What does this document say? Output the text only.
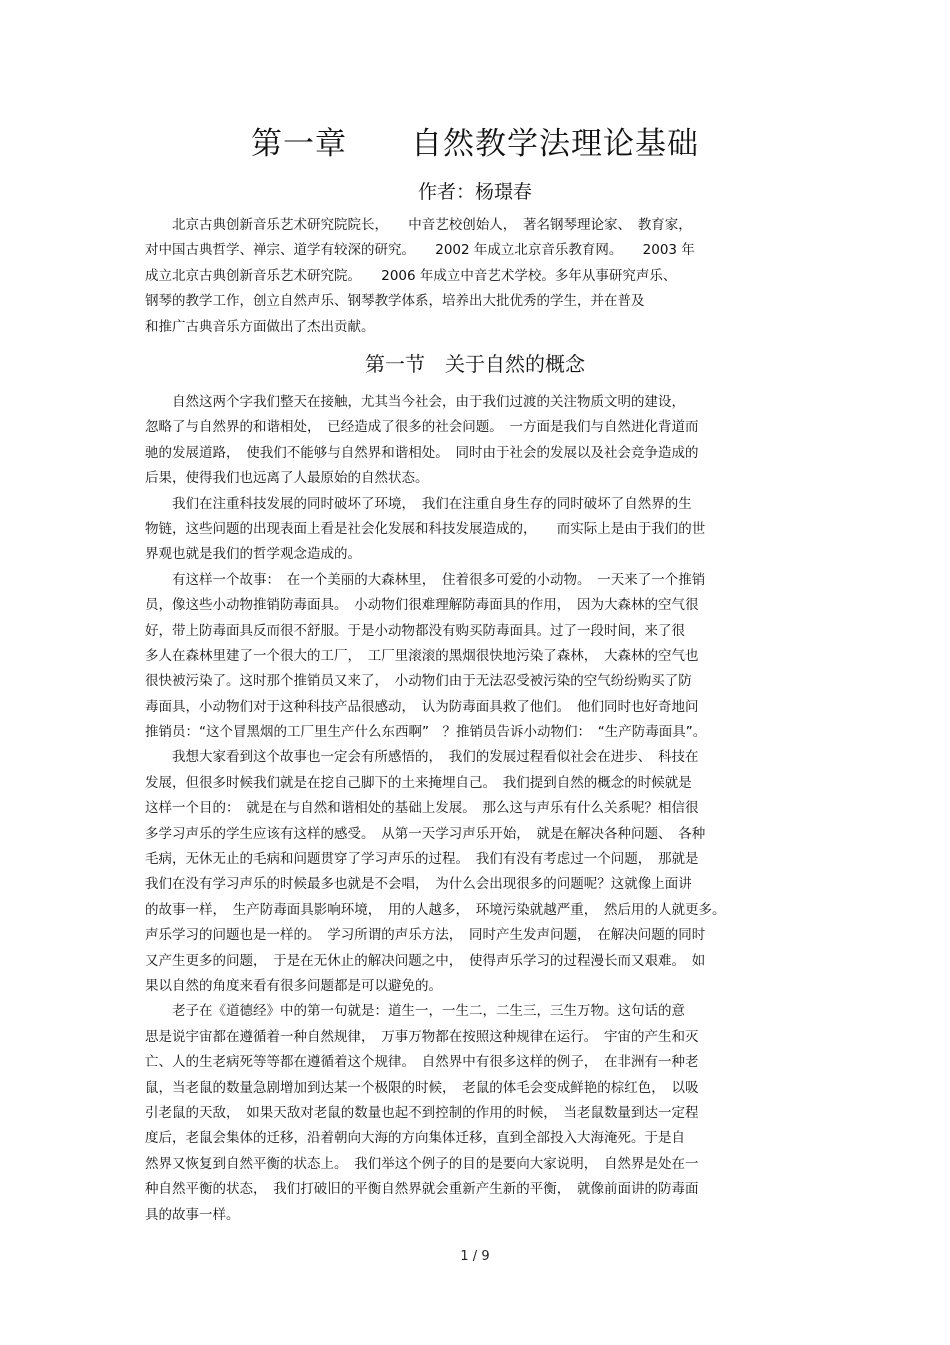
第一章　　自然教学法理论基础
作者：杨璟春
　　北京古典创新音乐艺术研究院院长，　　中音艺校创始人，　著名钢琴理论家、　教育家，
对中国古典哲学、禅宗、道学有较深的研究。　　2002 年成立北京音乐教育网。　　2003 年
成立北京古典创新音乐艺术研究院。　　2006 年成立中音艺术学校。多年从事研究声乐、
钢琴的教学工作，创立自然声乐、钢琴教学体系，培养出大批优秀的学生，并在普及
和推广古典音乐方面做出了杰出贡献。
第一节　关于自然的概念
　　自然这两个字我们整天在接触，尤其当今社会，由于我们过渡的关注物质文明的建设，
忽略了与自然界的和谐相处，　已经造成了很多的社会问题。　一方面是我们与自然进化背道而
驰的发展道路，　使我们不能够与自然界和谐相处。　同时由于社会的发展以及社会竞争造成的
后果，使得我们也远离了人最原始的自然状态。
　　我们在注重科技发展的同时破坏了环境，　我们在注重自身生存的同时破坏了自然界的生
物链，这些问题的出现表面上看是社会化发展和科技发展造成的，　　而实际上是由于我们的世
界观也就是我们的哲学观念造成的。
　　有这样一个故事：　在一个美丽的大森林里，　住着很多可爱的小动物。　一天来了一个推销
员，像这些小动物推销防毒面具。　小动物们很难理解防毒面具的作用，　因为大森林的空气很
好，带上防毒面具反而很不舒服。于是小动物都没有购买防毒面具。过了一段时间，来了很
多人在森林里建了一个很大的工厂，　工厂里滚滚的黑烟很快地污染了森林，　大森林的空气也
很快被污染了。这时那个推销员又来了，　小动物们由于无法忍受被污染的空气纷纷购买了防
毒面具，小动物们对于这种科技产品很感动，　认为防毒面具救了他们。　他们同时也好奇地问
推销员：“这个冒黑烟的工厂里生产什么东西啊”　？推销员告诉小动物们：　“生产防毒面具”。
　　我想大家看到这个故事也一定会有所感悟的，　我们的发展过程看似社会在进步、　科技在
发展，但很多时候我们就是在挖自己脚下的土来掩埋自己。　我们提到自然的概念的时候就是
这样一个目的：　就是在与自然和谐相处的基础上发展。　那么这与声乐有什么关系呢？相信很
多学习声乐的学生应该有这样的感受。　从第一天学习声乐开始，　就是在解决各种问题、　各种
毛病，无休无止的毛病和问题贯穿了学习声乐的过程。　我们有没有考虑过一个问题，　那就是
我们在没有学习声乐的时候最多也就是不会唱，　为什么会出现很多的问题呢？这就像上面讲
的故事一样，　生产防毒面具影响环境，　用的人越多，　环境污染就越严重，　然后用的人就更多。
声乐学习的问题也是一样的。　学习所谓的声乐方法，　同时产生发声问题，　在解决问题的同时
又产生更多的问题，　于是在无休止的解决问题之中，　使得声乐学习的过程漫长而又艰难。　如
果以自然的角度来看有很多问题都是可以避免的。
　　老子在《道德经》中的第一句就是：道生一，一生二，二生三，三生万物。这句话的意
思是说宇宙都在遵循着一种自然规律，　万事万物都在按照这种规律在运行。　宇宙的产生和灭
亡、人的生老病死等等都在遵循着这个规律。　自然界中有很多这样的例子，　在非洲有一种老
鼠，当老鼠的数量急剧增加到达某一个极限的时候，　老鼠的体毛会变成鲜艳的棕红色，　以吸
引老鼠的天敌，　如果天敌对老鼠的数量也起不到控制的作用的时候，　当老鼠数量到达一定程
度后，老鼠会集体的迁移，沿着朝向大海的方向集体迁移，直到全部投入大海淹死。于是自
然界又恢复到自然平衡的状态上。　我们举这个例子的目的是要向大家说明，　自然界是处在一
种自然平衡的状态，　我们打破旧的平衡自然界就会重新产生新的平衡，　就像前面讲的防毒面
具的故事一样。
1 / 9
